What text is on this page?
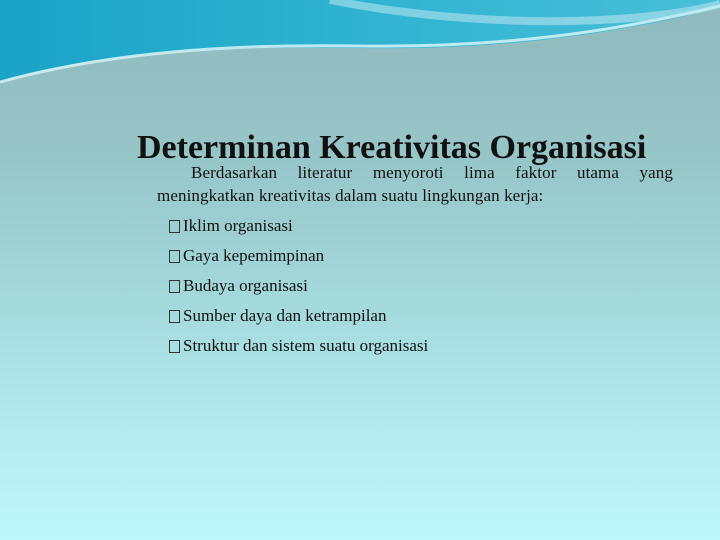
Determinan Kreativitas Organisasi

Berdasarkan literatur menyoroti lima faktor utama yang meningkatkan kreativitas dalam suatu lingkungan kerja:

Iklim organisasi
Gaya kepemimpinan
Budaya organisasi
Sumber daya dan ketrampilan
Struktur dan sistem suatu organisasi
